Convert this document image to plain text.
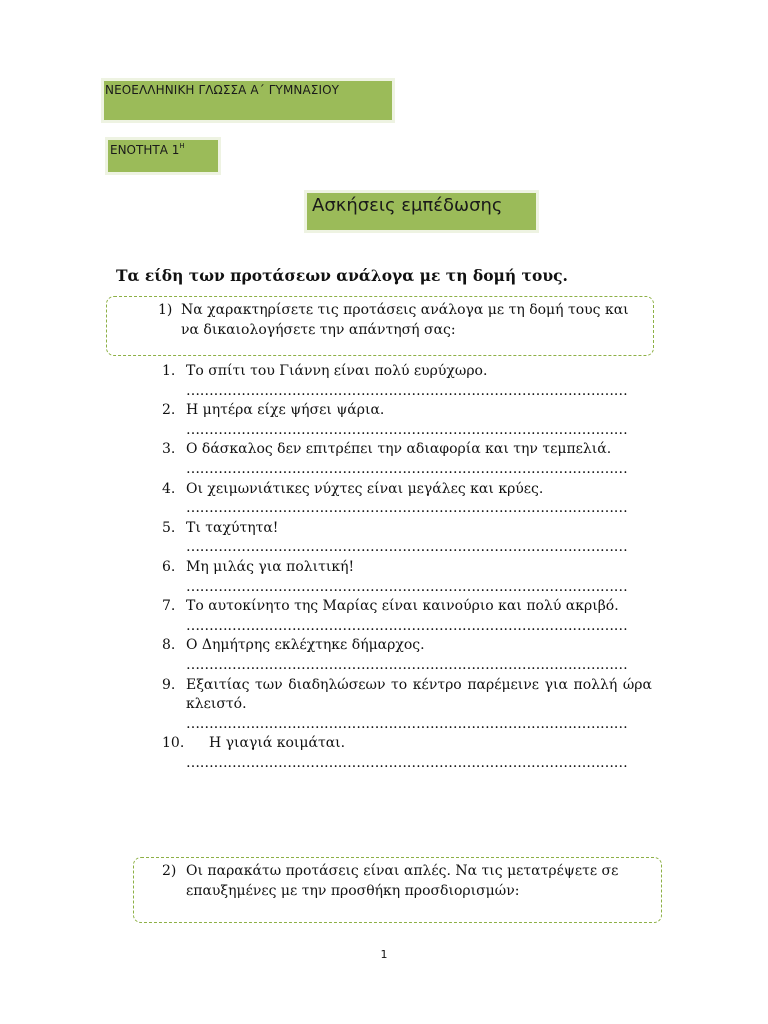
ΝΕΟΕΛΛΗΝΙΚΗ ΓΛΩΣΣΑ Α΄ ΓΥΜΝΑΣΙΟΥ
ΕΝΟΤΗΤΑ $1^H$
Ασκήσεις εμπέδωσης
Τα είδη των προτάσεων ανάλογα με τη δομή τους.
1) Να χαρακτηρίσετε τις προτάσεις ανάλογα με τη δομή τους και να δικαιολογήσετε την απάντησή σας:
1. Το σπίτι του Γιάννη είναι πολύ ευρύχωρο.
……………………………………………………………………………………
2. Η μητέρα είχε ψήσει ψάρια.
……………………………………………………………………………………
3. Ο δάσκαλος δεν επιτρέπει την αδιαφορία και την τεμπελιά.
……………………………………………………………………………………
4. Οι χειμωνιάτικες νύχτες είναι μεγάλες και κρύες.
……………………………………………………………………………………
5. Τι ταχύτητα!
……………………………………………………………………………………
6. Μη μιλάς για πολιτική!
……………………………………………………………………………………
7. Το αυτοκίνητο της Μαρίας είναι καινούριο και πολύ ακριβό.
……………………………………………………………………………………
8. Ο Δημήτρης εκλέχτηκε δήμαρχος.
……………………………………………………………………………………
9. Εξαιτίας των διαδηλώσεων το κέντρο παρέμεινε για πολλή ώρα κλειστό.
……………………………………………………………………………………
10.	Η γιαγιά κοιμάται.
……………………………………………………………………………………
2) Οι παρακάτω προτάσεις είναι απλές. Να τις μετατρέψετε σε επαυξημένες με την προσθήκη προσδιορισμών:
1
